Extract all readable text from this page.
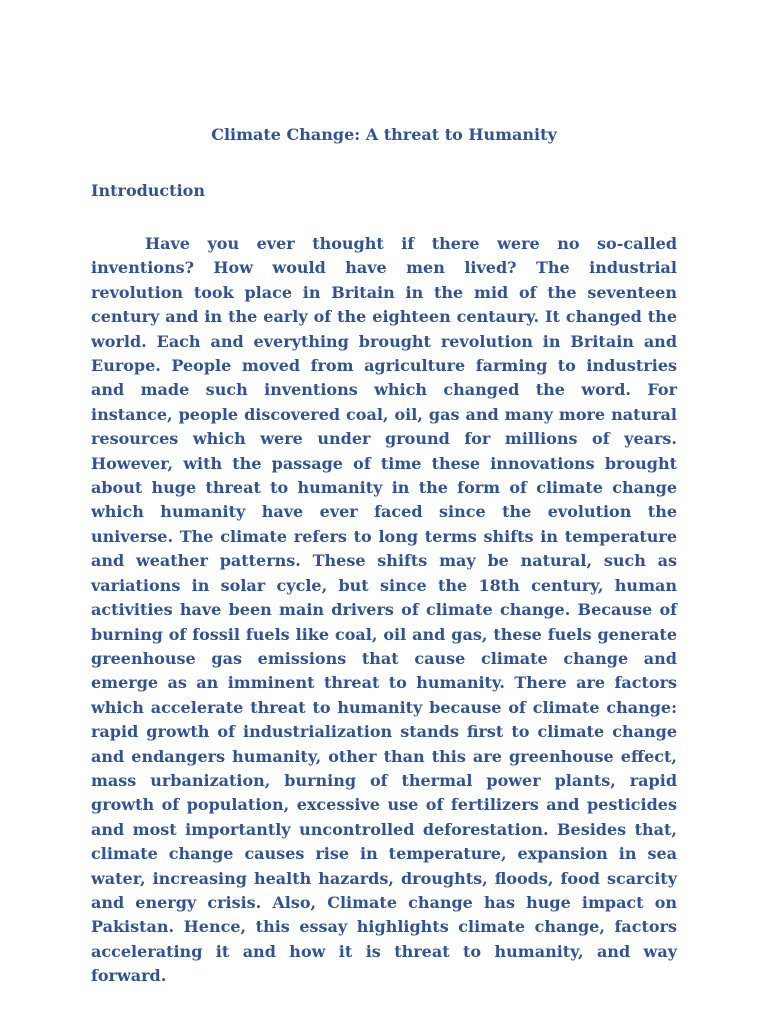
Climate Change: A threat to Humanity
Introduction

Have you ever thought if there were no so-called inventions? How would have men lived? The industrial revolution took place in Britain in the mid of the seventeen century and in the early of the eighteen centaury. It changed the world. Each and everything brought revolution in Britain and Europe. People moved from agriculture farming to industries and made such inventions which changed the word. For instance, people discovered coal, oil, gas and many more natural resources which were under ground for millions of years. However, with the passage of time these innovations brought about huge threat to humanity in the form of climate change which humanity have ever faced since the evolution the universe. The climate refers to long terms shifts in temperature and weather patterns. These shifts may be natural, such as variations in solar cycle, but since the 18th century, human activities have been main drivers of climate change. Because of burning of fossil fuels like coal, oil and gas, these fuels generate greenhouse gas emissions that cause climate change and emerge as an imminent threat to humanity. There are factors which accelerate threat to humanity because of climate change: rapid growth of industrialization stands first to climate change and endangers humanity, other than this are greenhouse effect, mass urbanization, burning of thermal power plants, rapid growth of population, excessive use of fertilizers and pesticides and most importantly uncontrolled deforestation. Besides that, climate change causes rise in temperature, expansion in sea water, increasing health hazards, droughts, floods, food scarcity and energy crisis. Also, Climate change has huge impact on Pakistan. Hence, this essay highlights climate change, factors accelerating it and how it is threat to humanity, and way forward.
